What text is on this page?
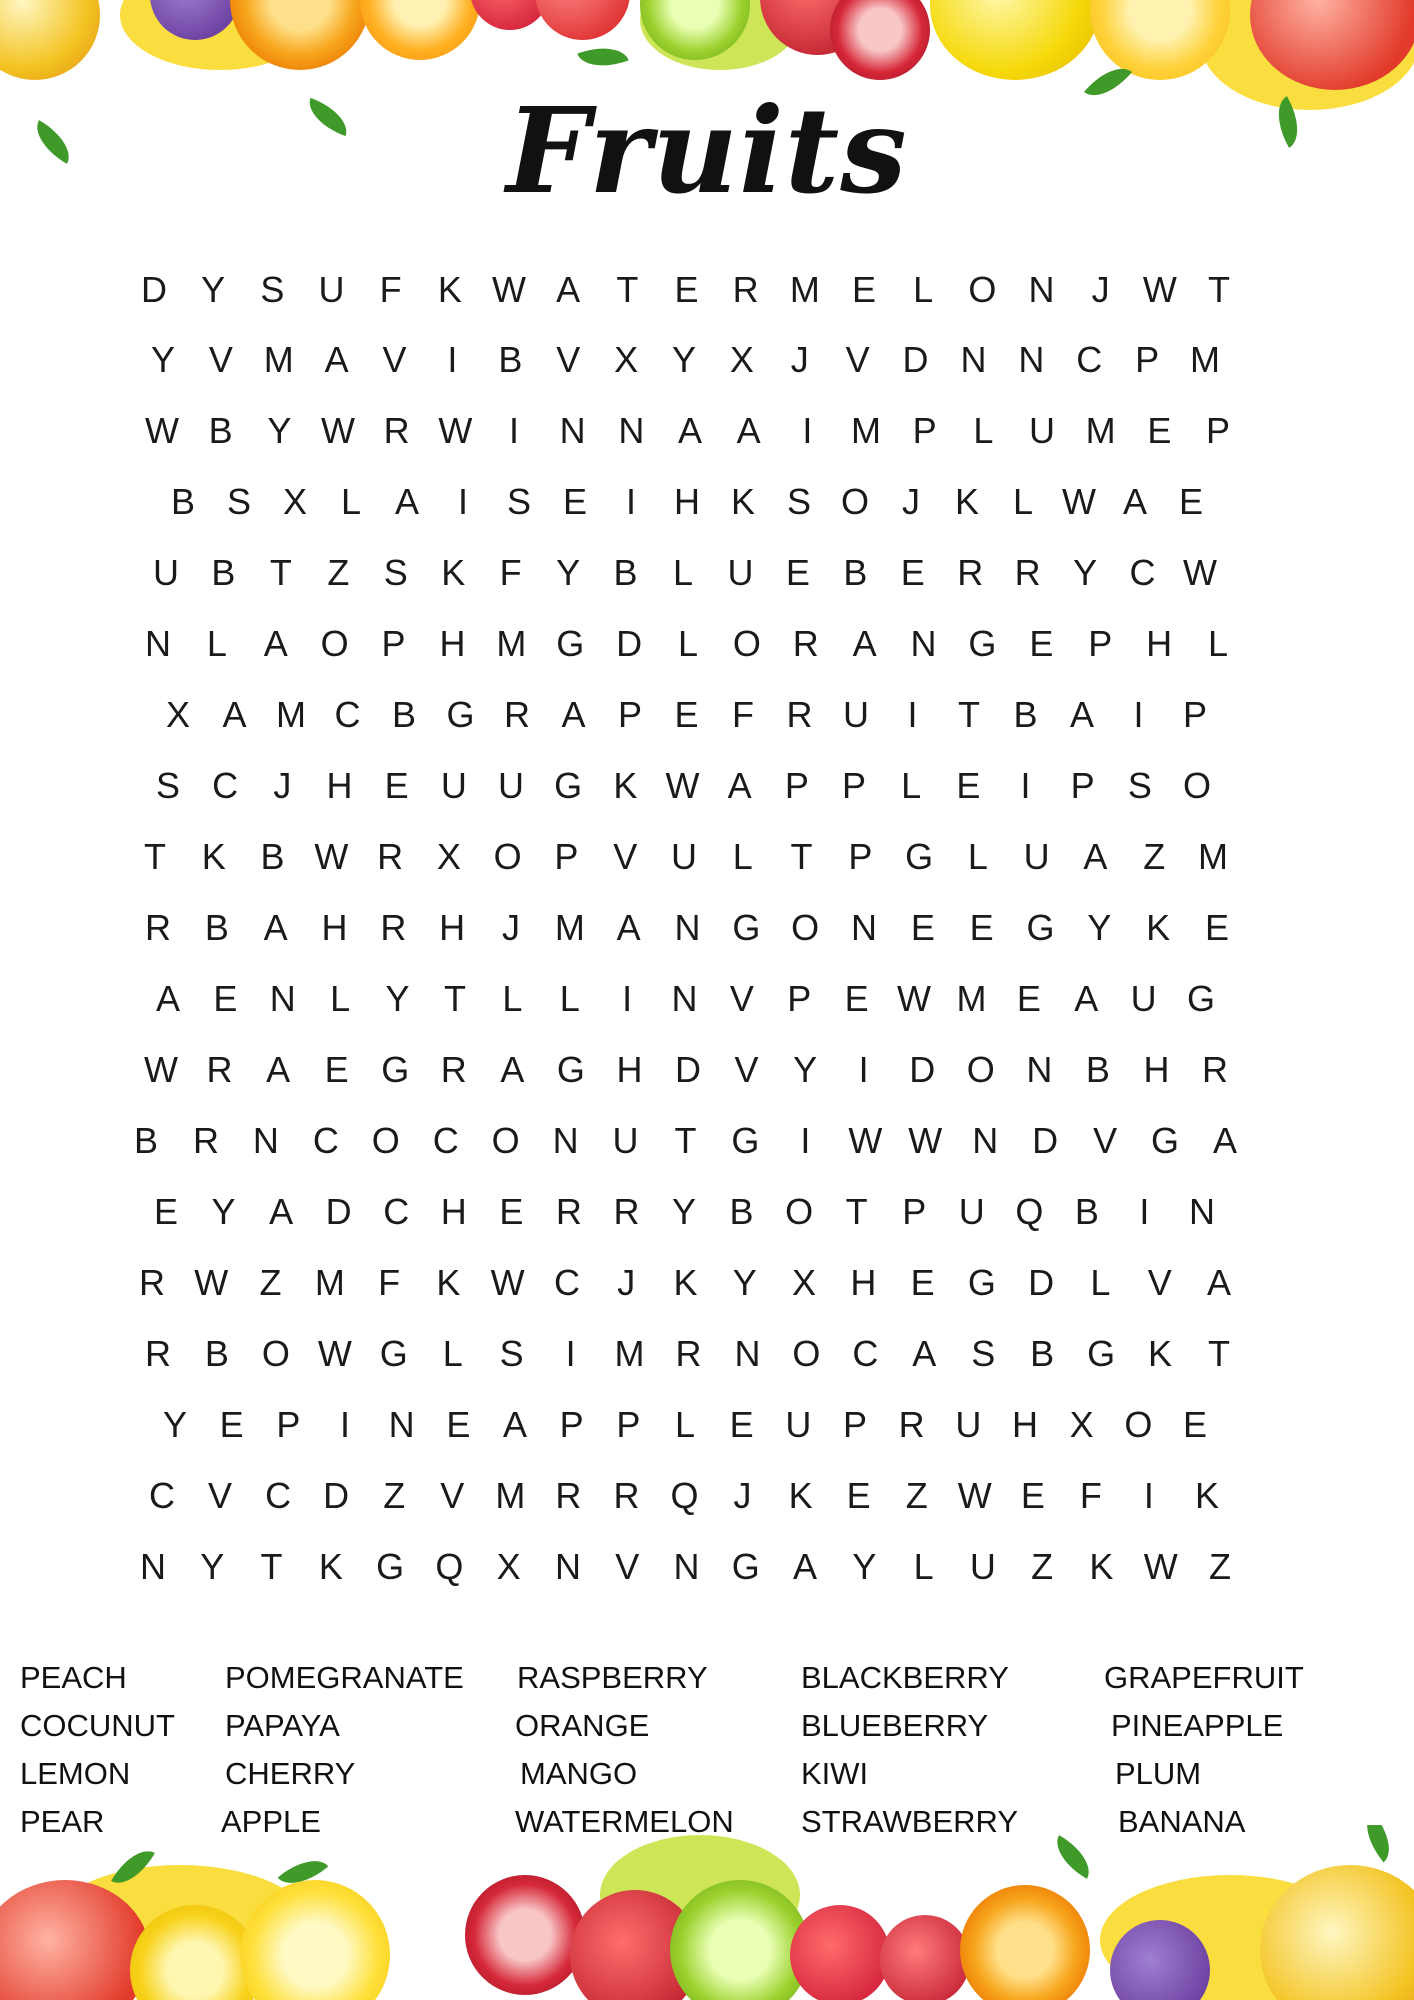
Fruits
D Y S U F K W A T E R M E L O N	J W T
Y V M A V	I	B V X Y X	J	V D N N C P M
W B Y W R W	I	N N A A	I	M P L U M E P
B S X L A	I	S E	I	H K S O J K L W A E
U B T Z S K F Y B L U E B E R R Y C W
N L A O P H M G D L O R A N G E P H L
X A M C B G R A P E F R U	I	T B A	I	P
S C J H E U U G K W A P P L E	I	P S O
T K B W R X O P V U L T P G L U A Z M
R B A H R H	J M A N G O N E E G Y K E
A E N L Y T L L	I	N V P E W M E A U G
W R A E G R A G H D V Y	I	D O N B H R
B R N C O C O N U T G	I	W W N D V G A
E Y A D C H E R R Y B O T P U Q B	I	N
R W Z M F K W C	J	K Y X H E G D L V A
R B O W G L S	I	M R N O C A S B G K T
Y E P	I	N E A P P L E U P R U H X O E
C V C D Z V M R R Q J	K E Z W E F	I	K
N Y T K G Q X N V N G A Y L U Z K W Z
PEACH
COCUNUT
LEMON
PEAR
POMEGRANATE
PAPAYA
CHERRY
APPLE
RASPBERRY
ORANGE
MANGO
WATERMELON
BLACKBERRY
BLUEBERRY
KIWI
STRAWBERRY
GRAPEFRUIT
PINEAPPLE
PLUM
BANANA
